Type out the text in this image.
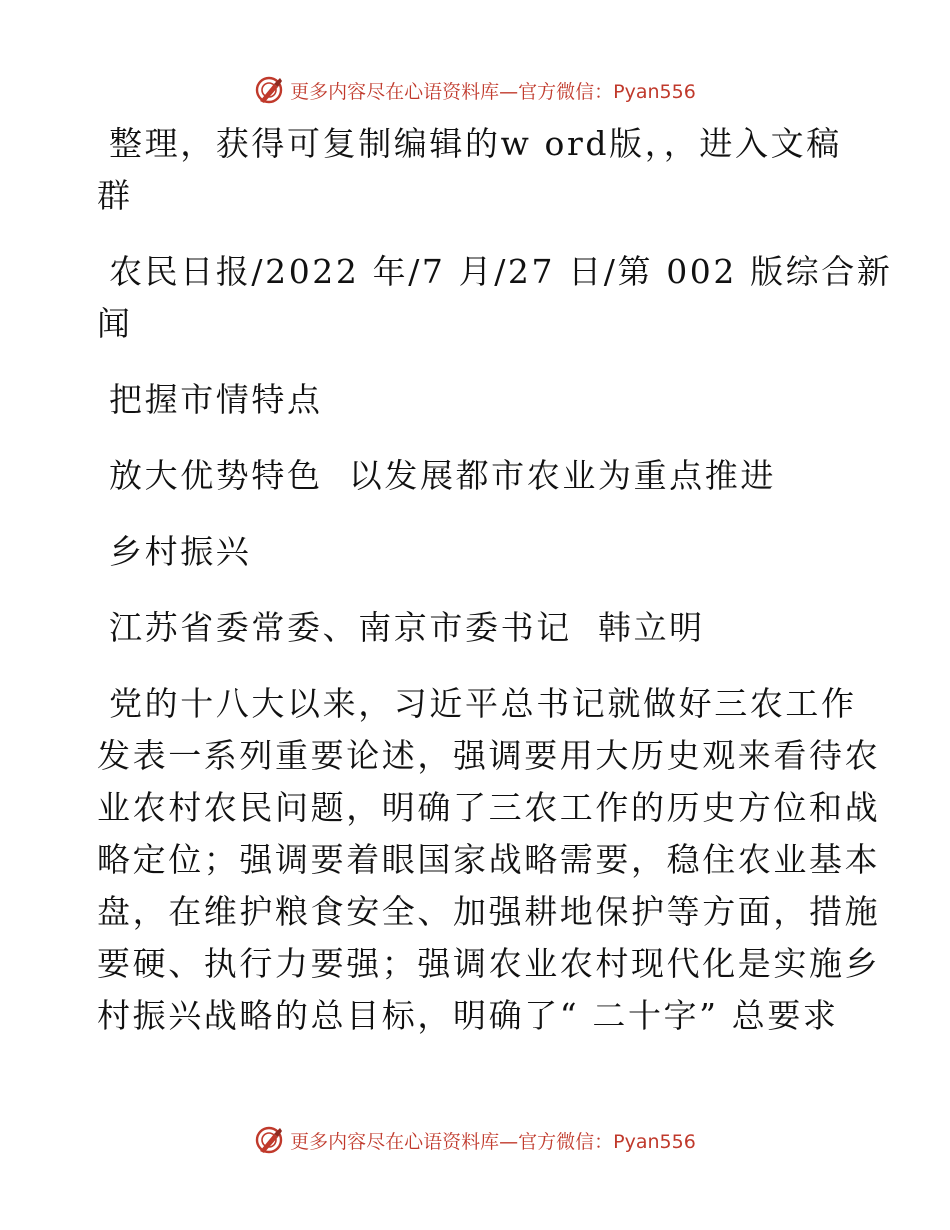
更多内容尽在心语资料库—官方微信：Pyan556
整理，获得可复制编辑的w ord版，，进入文稿
群
农民日报/2022 年/7 月/27 日/第 002 版综合新
闻
把握市情特点
放大优势特色  以发展都市农业为重点推进
乡村振兴
江苏省委常委、南京市委书记  韩立明
党的十八大以来，习近平总书记就做好三农工作
发表一系列重要论述，强调要用大历史观来看待农
业农村农民问题，明确了三农工作的历史方位和战
略定位；强调要着眼国家战略需要，稳住农业基本
盘，在维护粮食安全、加强耕地保护等方面，措施
要硬、执行力要强；强调农业农村现代化是实施乡
村振兴战略的总目标，明确了“ 二十字” 总要求
更多内容尽在心语资料库—官方微信：Pyan556
